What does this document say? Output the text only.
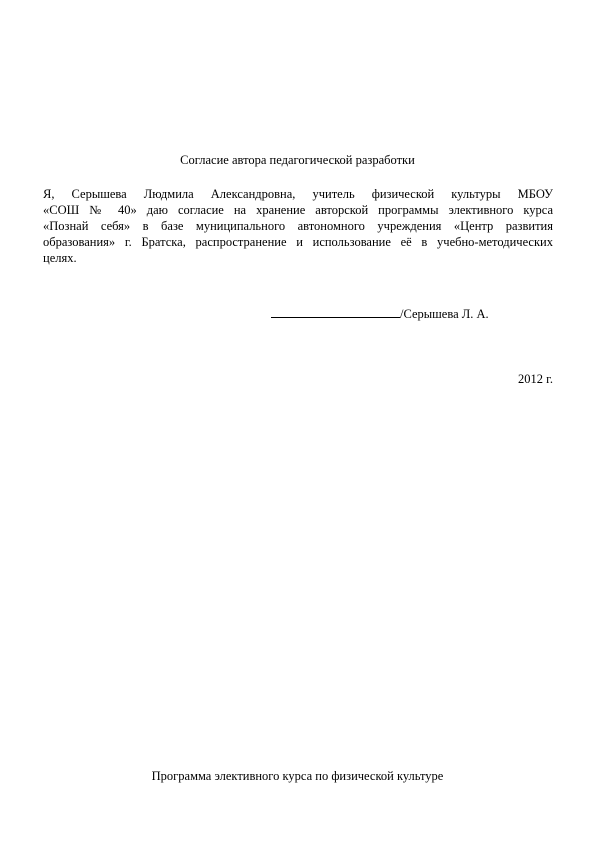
Согласие автора педагогической разработки
Я, Серышева Людмила Александровна, учитель физической культуры МБОУ
«СОШ № 40» даю согласие на хранение авторской программы элективного курса
«Познай себя» в базе муниципального автономного учреждения «Центр развития
образования» г. Братска, распространение и использование её в учебно-методических
целях.
/Серышева Л. А.
2012 г.
Программа элективного курса по физической культуре
